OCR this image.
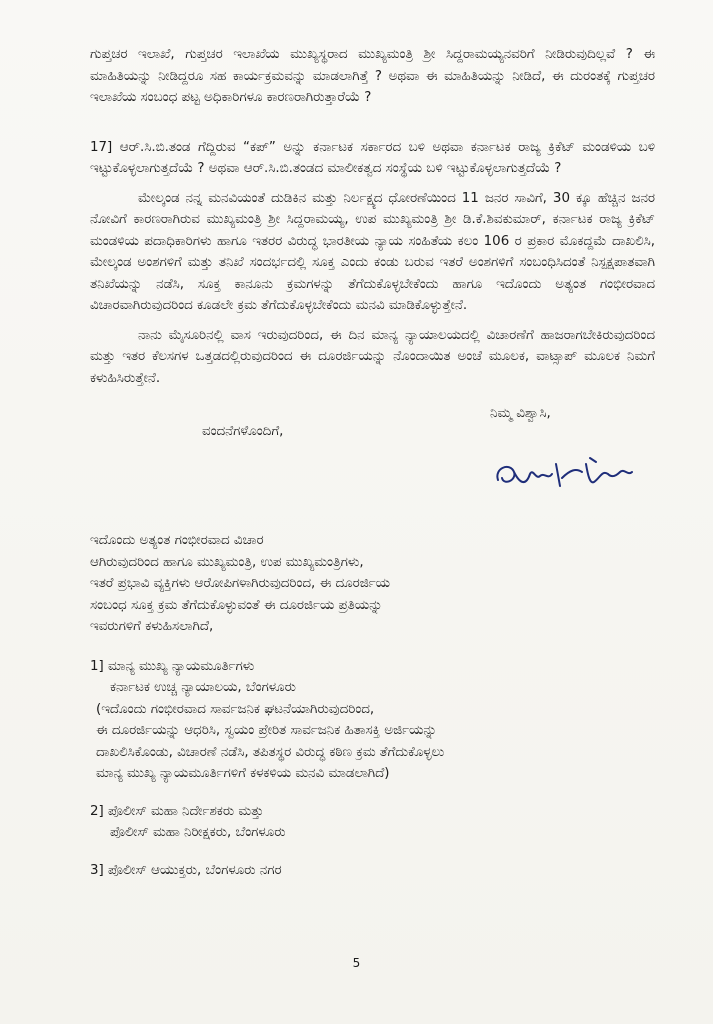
ಗುಪ್ತಚರ ಇಲಾಖೆ, ಗುಪ್ತಚರ ಇಲಾಖೆಯ ಮುಖ್ಯಸ್ಥರಾದ ಮುಖ್ಯಮಂತ್ರಿ ಶ್ರೀ ಸಿದ್ದರಾಮಯ್ಯನವರಿಗೆ ನೀಡಿರುವುದಿಲ್ಲವೆ ? ಈ ಮಾಹಿತಿಯನ್ನು ನೀಡಿದ್ದರೂ ಸಹ ಕಾರ್ಯಕ್ರಮವನ್ನು ಮಾಡಲಾಗಿತ್ತೆ ? ಅಥವಾ ಈ ಮಾಹಿತಿಯನ್ನು ನೀಡಿದೆ, ಈ ದುರಂತಕ್ಕೆ ಗುಪ್ತಚರ ಇಲಾಖೆಯ ಸಂಬಂಧ ಪಟ್ಟ ಅಧಿಕಾರಿಗಳೂ ಕಾರಣರಾಗಿರುತ್ತಾರೆಯೆ ?

17] ಆರ್.ಸಿ.ಬಿ.ತಂಡ ಗೆದ್ದಿರುವ “ಕಪ್” ಅನ್ನು ಕರ್ನಾಟಕ ಸರ್ಕಾರದ ಬಳಿ ಅಥವಾ ಕರ್ನಾಟಕ ರಾಜ್ಯ ಕ್ರಿಕೆಟ್ ಮಂಡಳಿಯ ಬಳಿ ಇಟ್ಟುಕೊಳ್ಳಲಾಗುತ್ತದೆಯೆ ? ಅಥವಾ ಆರ್.ಸಿ.ಬಿ.ತಂಡದ ಮಾಲೀಕತ್ವದ ಸಂಸ್ಥೆಯ ಬಳಿ ಇಟ್ಟುಕೊಳ್ಳಲಾಗುತ್ತದೆಯೆ ?

ಮೇಲ್ಕಂಡ ನನ್ನ ಮನವಿಯಂತೆ ದುಡಿಕಿನ ಮತ್ತು ನಿರ್ಲಕ್ಷ್ಯದ ಧೋರಣೆಯಿಂದ 11 ಜನರ ಸಾವಿಗೆ, 30 ಕ್ಕೂ ಹೆಚ್ಚಿನ ಜನರ ನೋವಿಗೆ ಕಾರಣರಾಗಿರುವ ಮುಖ್ಯಮಂತ್ರಿ ಶ್ರೀ ಸಿದ್ದರಾಮಯ್ಯ, ಉಪ ಮುಖ್ಯಮಂತ್ರಿ ಶ್ರೀ ಡಿ.ಕೆ.ಶಿವಕುಮಾರ್, ಕರ್ನಾಟಕ ರಾಜ್ಯ ಕ್ರಿಕೆಟ್ ಮಂಡಳಿಯ ಪದಾಧಿಕಾರಿಗಳು ಹಾಗೂ ಇತರರ ವಿರುದ್ಧ ಭಾರತೀಯ ನ್ಯಾಯ ಸಂಹಿತೆಯ ಕಲಂ 106 ರ ಪ್ರಕಾರ ಮೊಕದ್ದಮೆ ದಾಖಲಿಸಿ, ಮೇಲ್ಕಂಡ ಅಂಶಗಳಿಗೆ ಮತ್ತು ತನಿಖೆ ಸಂದರ್ಭದಲ್ಲಿ ಸೂಕ್ತ ಎಂದು ಕಂಡು ಬರುವ ಇತರೆ ಅಂಶಗಳಿಗೆ ಸಂಬಂಧಿಸಿದಂತೆ ನಿಸ್ಪಕ್ಷಪಾತವಾಗಿ ತನಿಖೆಯನ್ನು ನಡೆಸಿ, ಸೂಕ್ತ ಕಾನೂನು ಕ್ರಮಗಳನ್ನು ತೆಗೆದುಕೊಳ್ಳಬೇಕೆಂದು ಹಾಗೂ ಇದೊಂದು ಅತ್ಯಂತ ಗಂಭೀರವಾದ ವಿಚಾರವಾಗಿರುವುದರಿಂದ ಕೂಡಲೇ ಕ್ರಮ ತೆಗೆದುಕೊಳ್ಳಬೇಕೆಂದು ಮನವಿ ಮಾಡಿಕೊಳ್ಳುತ್ತೇನೆ.

ನಾನು ಮೈಸೂರಿನಲ್ಲಿ ವಾಸ ಇರುವುದರಿಂದ, ಈ ದಿನ ಮಾನ್ಯ ನ್ಯಾಯಾಲಯದಲ್ಲಿ ವಿಚಾರಣೆಗೆ ಹಾಜರಾಗಬೇಕಿರುವುದರಿಂದ ಮತ್ತು ಇತರ ಕೆಲಸಗಳ ಒತ್ತಡದಲ್ಲಿರುವುದರಿಂದ ಈ ದೂರರ್ಜಿಯನ್ನು ನೊಂದಾಯಿತ ಅಂಚೆ ಮೂಲಕ, ವಾಟ್ಸಾಪ್ ಮೂಲಕ ನಿಮಗೆ ಕಳುಹಿಸಿರುತ್ತೇನೆ.

ನಿಮ್ಮ ವಿಶ್ವಾಸಿ,

ವಂದನೆಗಳೊಂದಿಗೆ,

ಇದೊಂದು ಅತ್ಯಂತ ಗಂಭೀರವಾದ ವಿಚಾರ

ಆಗಿರುವುದರಿಂದ ಹಾಗೂ ಮುಖ್ಯಮಂತ್ರಿ, ಉಪ ಮುಖ್ಯಮಂತ್ರಿಗಳು,

ಇತರೆ ಪ್ರಭಾವಿ ವ್ಯಕ್ತಿಗಳು ಆರೋಪಿಗಳಾಗಿರುವುದರಿಂದ, ಈ ದೂರರ್ಜಿಯ

ಸಂಬಂಧ ಸೂಕ್ತ ಕ್ರಮ ತೆಗೆದುಕೊಳ್ಳುವಂತೆ ಈ ದೂರರ್ಜಿಯ ಪ್ರತಿಯನ್ನು

ಇವರುಗಳಿಗೆ ಕಳುಹಿಸಲಾಗಿದೆ,

1] ಮಾನ್ಯ ಮುಖ್ಯ ನ್ಯಾಯಮೂರ್ತಿಗಳು

ಕರ್ನಾಟಕ ಉಚ್ಚ ನ್ಯಾಯಾಲಯ, ಬೆಂಗಳೂರು

(ಇದೊಂದು ಗಂಭೀರವಾದ ಸಾರ್ವಜನಿಕ ಘಟನೆಯಾಗಿರುವುದರಿಂದ,

ಈ ದೂರರ್ಜಿಯನ್ನು ಆಧರಿಸಿ, ಸ್ವಯಂ ಪ್ರೇರಿತ ಸಾರ್ವಜನಿಕ ಹಿತಾಸಕ್ತಿ ಅರ್ಜಿಯನ್ನು

ದಾಖಲಿಸಿಕೊಂಡು, ವಿಚಾರಣೆ ನಡೆಸಿ, ತಪಿತಸ್ಥರ ವಿರುದ್ಧ ಕಠಿಣ ಕ್ರಮ ತೆಗೆದುಕೊಳ್ಳಲು

ಮಾನ್ಯ ಮುಖ್ಯ ನ್ಯಾಯಮೂರ್ತಿಗಳಿಗೆ ಕಳಕಳಿಯ ಮನವಿ ಮಾಡಲಾಗಿದೆ)

2] ಪೊಲೀಸ್ ಮಹಾ ನಿರ್ದೇಶಕರು ಮತ್ತು

ಪೊಲೀಸ್ ಮಹಾ ನಿರೀಕ್ಷಕರು, ಬೆಂಗಳೂರು

3] ಪೊಲೀಸ್ ಆಯುಕ್ತರು, ಬೆಂಗಳೂರು ನಗರ

5
